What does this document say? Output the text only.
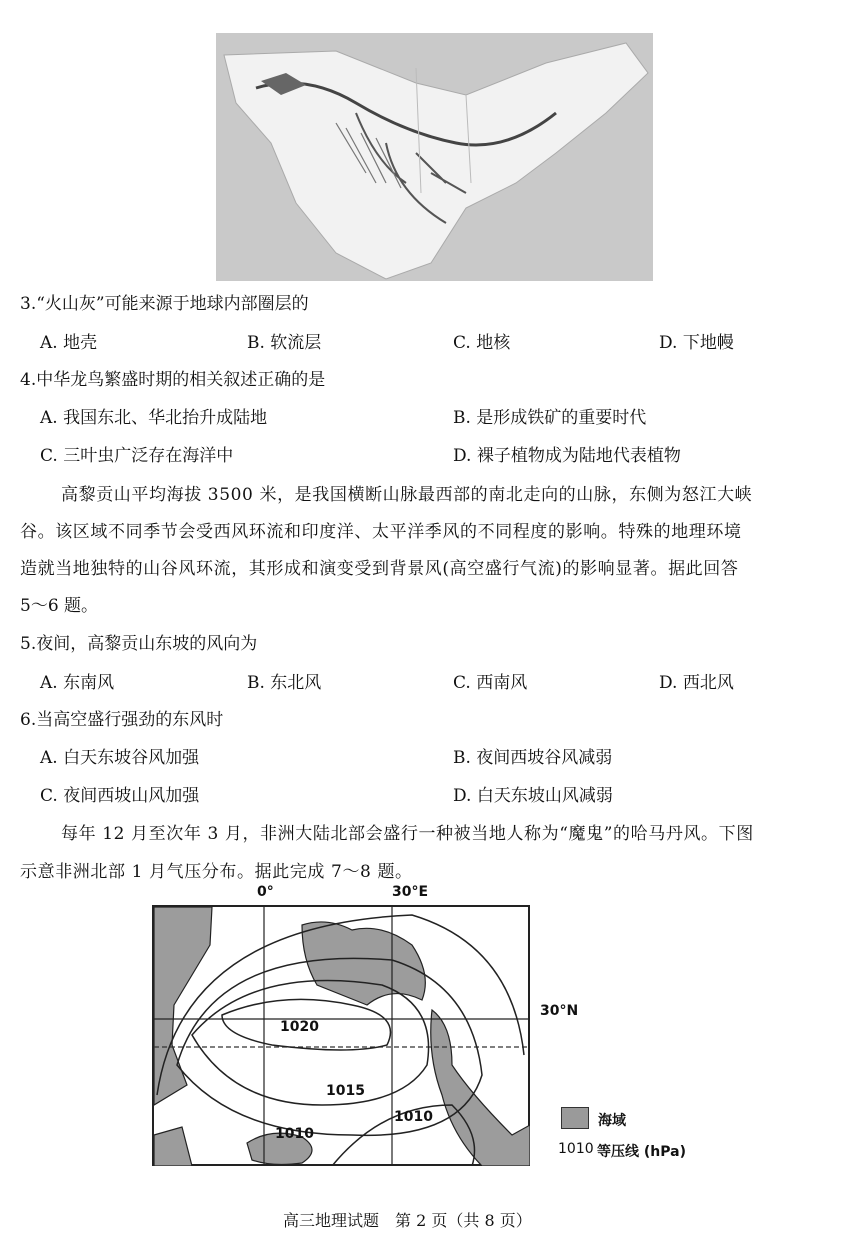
3.“火山灰”可能来源于地球内部圈层的
A. 地壳	B. 软流层	C. 地核	D. 下地幔
4.中华龙鸟繁盛时期的相关叙述正确的是
A. 我国东北、华北抬升成陆地	B. 是形成铁矿的重要时代
C. 三叶虫广泛存在海洋中	D. 裸子植物成为陆地代表植物
高黎贡山平均海拔 3500 米，是我国横断山脉最西部的南北走向的山脉，东侧为怒江大峡
谷。该区域不同季节会受西风环流和印度洋、太平洋季风的不同程度的影响。特殊的地理环境
造就当地独特的山谷风环流，其形成和演变受到背景风(高空盛行气流)的影响显著。据此回答
5～6 题。
5.夜间，高黎贡山东坡的风向为
A. 东南风	B. 东北风	C. 西南风	D. 西北风
6.当高空盛行强劲的东风时
A. 白天东坡谷风加强	B. 夜间西坡谷风减弱
C. 夜间西坡山风加强	D. 白天东坡山风减弱
每年 12 月至次年 3 月，非洲大陆北部会盛行一种被当地人称为“魔鬼”的哈马丹风。下图
示意非洲北部 1 月气压分布。据此完成 7～8 题。
0°	30°E
30°N
1020
1015
1010
1010
海域
1010 等压线 (hPa)
高三地理试题　第 2 页（共 8 页）
